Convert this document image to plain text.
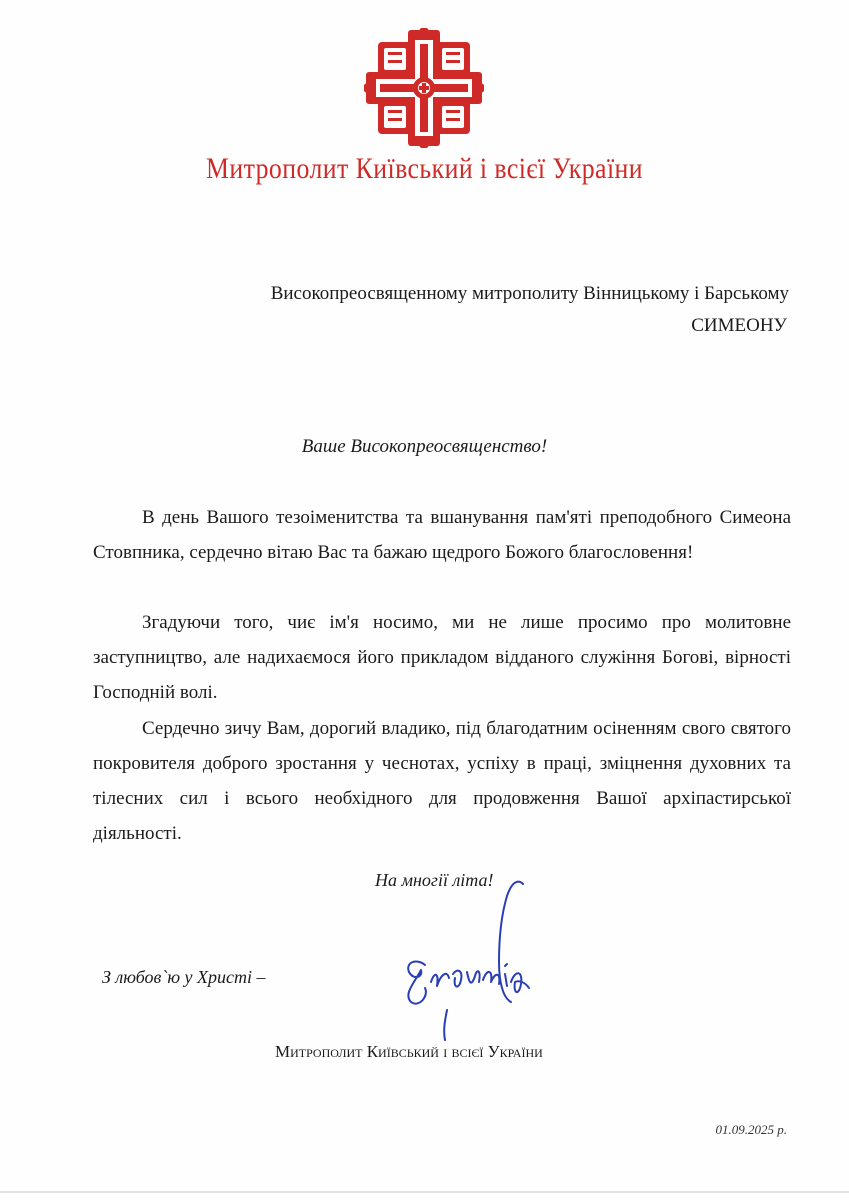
Митрополит Київський і всієї України
Високопреосвященному митрополиту Вінницькому і Барському
СИМЕОНУ
Ваше Високопреосвященство!

В день Вашого тезоіменитства та вшанування пам'яті преподобного Симеона Стовпника, сердечно вітаю Вас та бажаю щедрого Божого благословення!

Згадуючи того, чиє ім'я носимо, ми не лише просимо про молитовне заступництво, але надихаємося його прикладом відданого служіння Богові, вірності Господній волі.

Сердечно зичу Вам, дорогий владико, під благодатним осіненням свого святого покровителя доброго зростання у чеснотах, успіху в праці, зміцнення духовних та тілесних сил і всього необхідного для продовження Вашої архіпастирської діяльності.

На многії літа!
З любов`ю у Христі –
Митрополит Київський і всієї України
01.09.2025 р.
